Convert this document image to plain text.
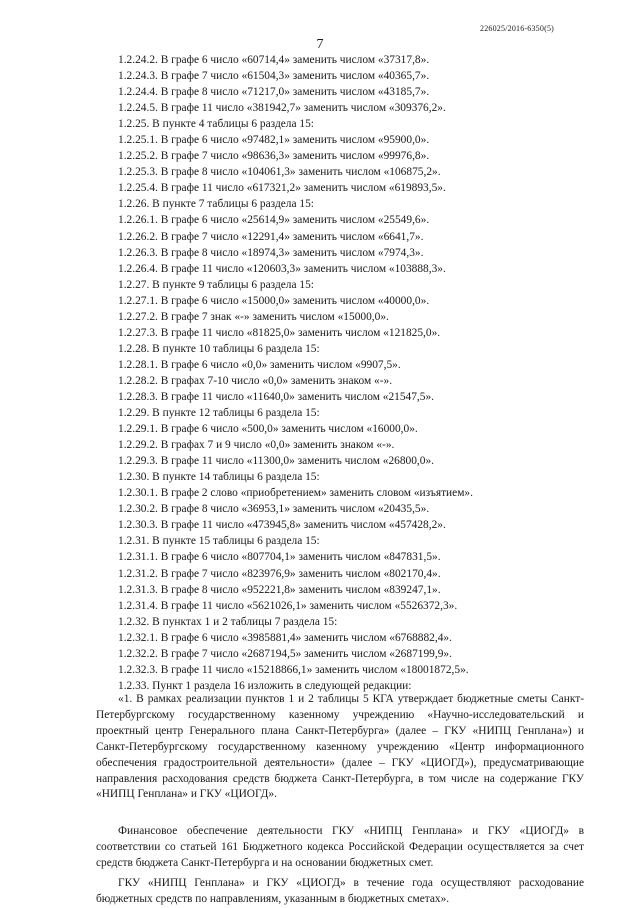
226025/2016-6350(5)
7
1.2.24.2. В графе 6 число «60714,4» заменить числом «37317,8».
1.2.24.3. В графе 7 число «61504,3» заменить числом «40365,7».
1.2.24.4. В графе 8 число «71217,0» заменить числом «43185,7».
1.2.24.5. В графе 11 число «381942,7» заменить числом «309376,2».
1.2.25. В пункте 4 таблицы 6 раздела 15:
1.2.25.1. В графе 6 число «97482,1» заменить числом «95900,0».
1.2.25.2. В графе 7 число «98636,3» заменить числом «99976,8».
1.2.25.3. В графе 8 число «104061,3» заменить числом «106875,2».
1.2.25.4. В графе 11 число «617321,2» заменить числом «619893,5».
1.2.26. В пункте 7 таблицы 6 раздела 15:
1.2.26.1. В графе 6 число «25614,9» заменить числом «25549,6».
1.2.26.2. В графе 7 число «12291,4» заменить числом «6641,7».
1.2.26.3. В графе 8 число «18974,3» заменить числом «7974,3».
1.2.26.4. В графе 11 число «120603,3» заменить числом «103888,3».
1.2.27. В пункте 9 таблицы 6 раздела 15:
1.2.27.1. В графе 6 число «15000,0» заменить числом «40000,0».
1.2.27.2. В графе 7 знак «-» заменить числом «15000,0».
1.2.27.3. В графе 11 число «81825,0» заменить числом «121825,0».
1.2.28. В пункте 10 таблицы 6 раздела 15:
1.2.28.1. В графе 6 число «0,0» заменить числом «9907,5».
1.2.28.2. В графах 7-10 число «0,0» заменить знаком «-».
1.2.28.3. В графе 11 число «11640,0» заменить числом «21547,5».
1.2.29. В пункте 12 таблицы 6 раздела 15:
1.2.29.1. В графе 6 число «500,0» заменить числом «16000,0».
1.2.29.2. В графах 7 и 9 число «0,0» заменить знаком «-».
1.2.29.3. В графе 11 число «11300,0» заменить числом «26800,0».
1.2.30. В пункте 14 таблицы 6 раздела 15:
1.2.30.1. В графе 2 слово «приобретением» заменить словом «изъятием».
1.2.30.2. В графе 8 число «36953,1» заменить числом «20435,5».
1.2.30.3. В графе 11 число «473945,8» заменить числом «457428,2».
1.2.31. В пункте 15 таблицы 6 раздела 15:
1.2.31.1. В графе 6 число «807704,1» заменить числом «847831,5».
1.2.31.2. В графе 7 число «823976,9» заменить числом «802170,4».
1.2.31.3. В графе 8 число «952221,8» заменить числом «839247,1».
1.2.31.4. В графе 11 число «5621026,1» заменить числом «5526372,3».
1.2.32. В пунктах 1 и 2 таблицы 7 раздела 15:
1.2.32.1. В графе 6 число «3985881,4» заменить числом «6768882,4».
1.2.32.2. В графе 7 число «2687194,5» заменить числом «2687199,9».
1.2.32.3. В графе 11 число «15218866,1» заменить числом «18001872,5».
1.2.33. Пункт 1 раздела 16 изложить в следующей редакции:

«1. В рамках реализации пунктов 1 и 2 таблицы 5 КГА утверждает бюджетные сметы Санкт-Петербургскому государственному казенному учреждению «Научно-исследовательский и проектный центр Генерального плана Санкт-Петербурга» (далее – ГКУ «НИПЦ Генплана») и Санкт-Петербургскому государственному казенному учреждению «Центр информационного обеспечения градостроительной деятельности» (далее – ГКУ «ЦИОГД»), предусматривающие направления расходования средств бюджета Санкт-Петербурга, в том числе на содержание ГКУ «НИПЦ Генплана» и ГКУ «ЦИОГД».

Финансовое обеспечение деятельности ГКУ «НИПЦ Генплана» и ГКУ «ЦИОГД» в соответствии со статьей 161 Бюджетного кодекса Российской Федерации осуществляется за счет средств бюджета Санкт-Петербурга и на основании бюджетных смет.

ГКУ «НИПЦ Генплана» и ГКУ «ЦИОГД» в течение года осуществляют расходование бюджетных средств по направлениям, указанным в бюджетных сметах».
